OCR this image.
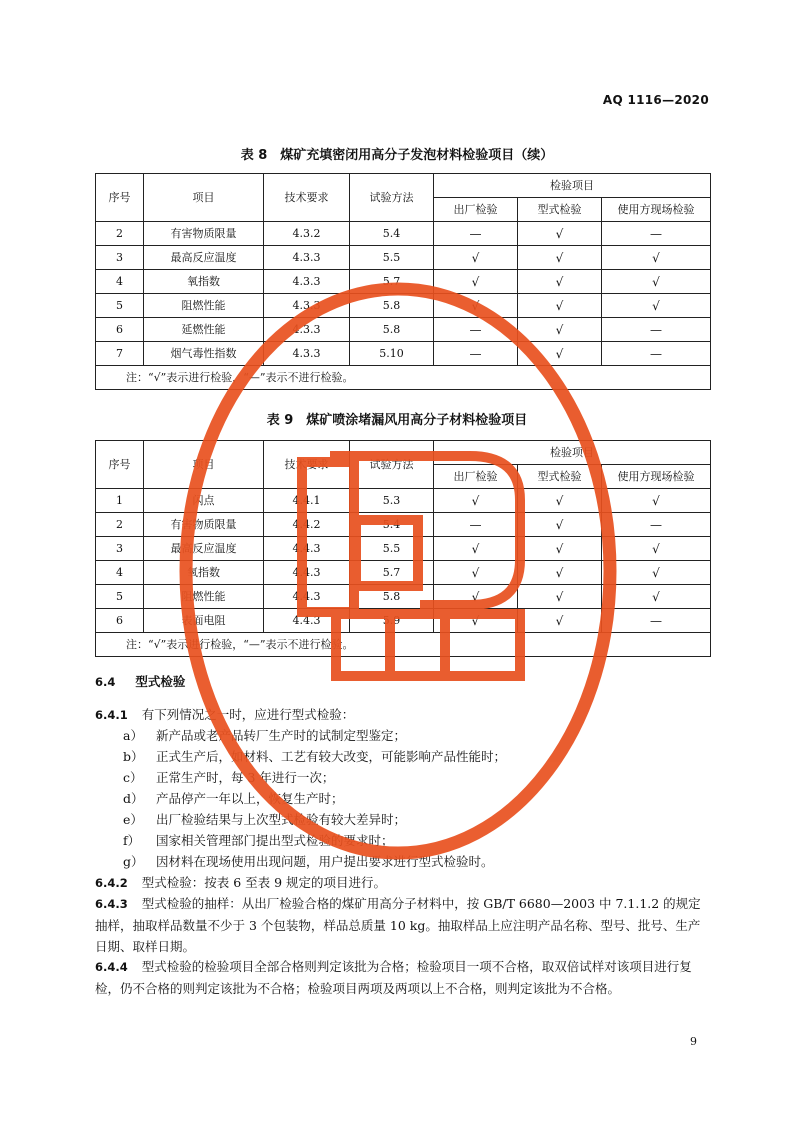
AQ 1116—2020
表 8　煤矿充填密闭用高分子发泡材料检验项目（续）
序号	项目	技术要求	试验方法	检验项目		
				出厂检验	型式检验	使用方现场检验
2	有害物质限量	4.3.2	5.4	—	√	—
3	最高反应温度	4.3.3	5.5	√	√	√
4	氧指数	4.3.3	5.7	√	√	√
5	阻燃性能	4.3.3	5.8	√	√	√
6	延燃性能	4.3.3	5.8	—	√	—
7	烟气毒性指数	4.3.3	5.10	—	√	—
注：“√”表示进行检验，“—”表示不进行检验。						
表 9　煤矿喷涂堵漏风用高分子材料检验项目
序号	项目	技术要求	试验方法	检验项目		
				出厂检验	型式检验	使用方现场检验
1	闪点	4.4.1	5.3	√	√	√
2	有害物质限量	4.4.2	5.4	—	√	—
3	最高反应温度	4.4.3	5.5	√	√	√
4	氧指数	4.4.3	5.7	√	√	√
5	阻燃性能	4.4.3	5.8	√	√	√
6	表面电阻	4.4.3	5.9	√	√	—
注：“√”表示进行检验，“—”表示不进行检验。						
6.4 型式检验
6.4.1 有下列情况之一时，应进行型式检验：
a） 新产品或老产品转厂生产时的试制定型鉴定；
b） 正式生产后，如材料、工艺有较大改变，可能影响产品性能时；
c） 正常生产时，每 3 年进行一次；
d） 产品停产一年以上，恢复生产时；
e） 出厂检验结果与上次型式检验有较大差异时；
f） 国家相关管理部门提出型式检验的要求时；
g） 因材料在现场使用出现问题，用户提出要求进行型式检验时。
6.4.2 型式检验：按表 6 至表 9 规定的项目进行。
6.4.3 型式检验的抽样：从出厂检验合格的煤矿用高分子材料中，按 GB/T 6680—2003 中 7.1.1.2 的规定抽样，抽取样品数量不少于 3 个包装物，样品总质量 10 kg。抽取样品上应注明产品名称、型号、批号、生产日期、取样日期。
6.4.4 型式检验的检验项目全部合格则判定该批为合格；检验项目一项不合格，取双倍试样对该项目进行复检，仍不合格的则判定该批为不合格；检验项目两项及两项以上不合格，则判定该批为不合格。
9
